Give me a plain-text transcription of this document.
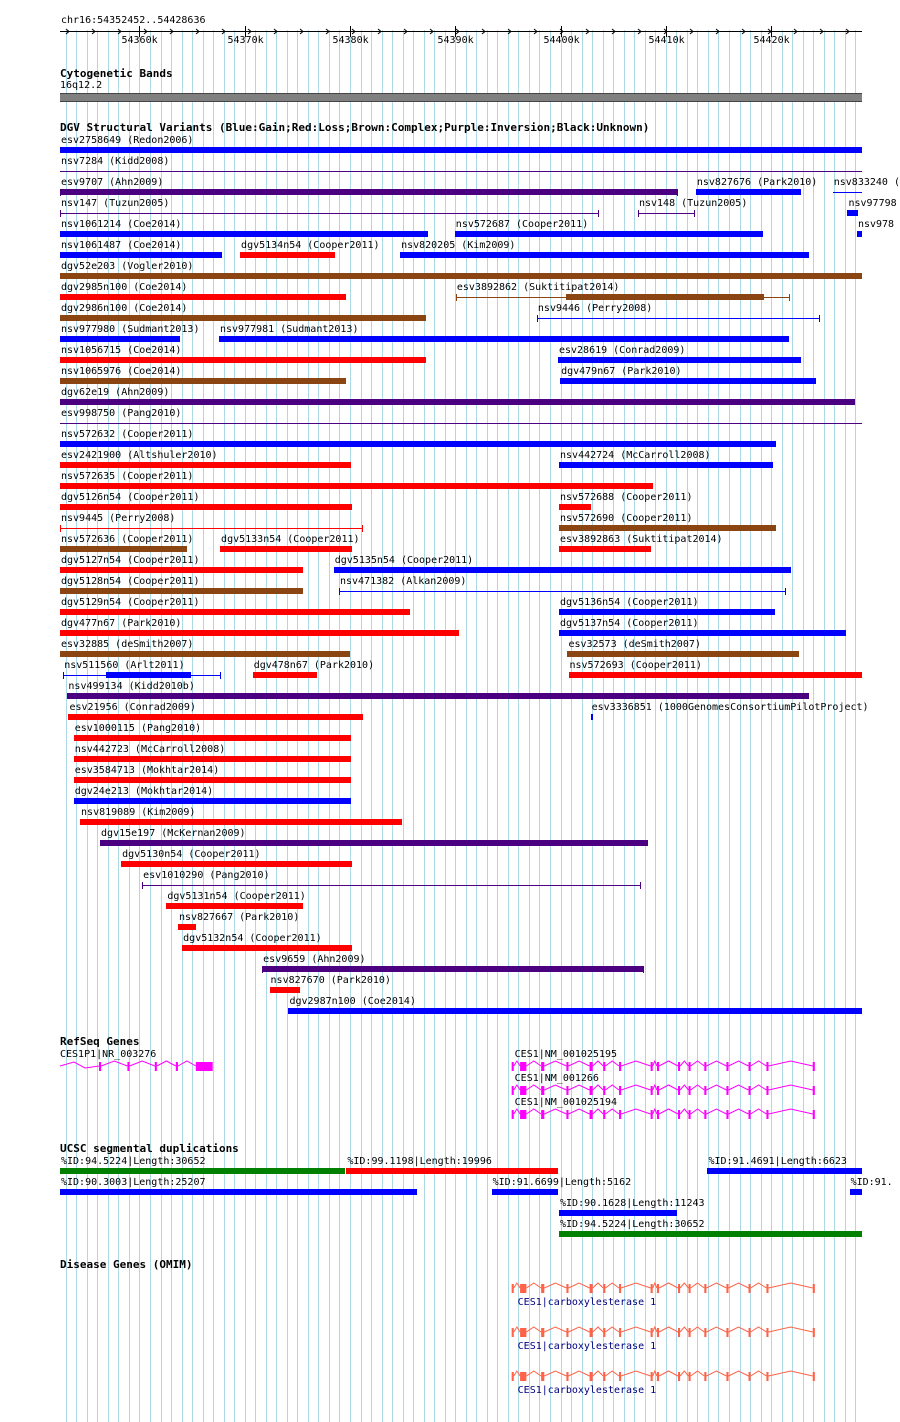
chr16:54352452..54428636
54360k	54370k	54380k	54390k	54400k	54410k	54420k
Cytogenetic Bands
16q12.2
DGV Structural Variants (Blue:Gain;Red:Loss;Brown:Complex;Purple:Inversion;Black:Unknown)
esv2758649 (Redon2006)
nsv7284 (Kidd2008)
esv9707 (Ahn2009)	nsv827676 (Park2010) nsv833240 (
nsv147 (Tuzun2005)	nsv148 (Tuzun2005)	nsv97798
nsv1061214 (Coe2014)	nsv572687 (Cooper2011)	nsv978
nsv1061487 (Coe2014)	dgv5134n54 (Cooper2011) nsv820205 (Kim2009)
dgv52e203 (Vogler2010)
dgv2985n100 (Coe2014)	esv3892862 (Suktitipat2014)
dgv2986n100 (Coe2014)	nsv9446 (Perry2008)
nsv977980 (Sudmant2013) nsv977981 (Sudmant2013)
nsv1056715 (Coe2014)	esv28619 (Conrad2009)
nsv1065976 (Coe2014)	dgv479n67 (Park2010)
dgv62e19 (Ahn2009)
esv998750 (Pang2010)
nsv572632 (Cooper2011)
esv2421900 (Altshuler2010)	nsv442724 (McCarroll2008)
nsv572635 (Cooper2011)
dgv5126n54 (Cooper2011)	nsv572688 (Cooper2011)
nsv9445 (Perry2008)	nsv572690 (Cooper2011)
nsv572636 (Cooper2011)	dgv5133n54 (Cooper2011)	esv3892863 (Suktitipat2014)
dgv5127n54 (Cooper2011)	dgv5135n54 (Cooper2011)
dgv5128n54 (Cooper2011)	nsv471382 (Alkan2009)
dgv5129n54 (Cooper2011)	dgv5136n54 (Cooper2011)
dgv477n67 (Park2010)	dgv5137n54 (Cooper2011)
esv32885 (deSmith2007)	esv32573 (deSmith2007)
nsv511560 (Arlt2011)	dgv478n67 (Park2010)	nsv572693 (Cooper2011)
nsv499134 (Kidd2010b)
esv21956 (Conrad2009)	esv3336851 (1000GenomesConsortiumPilotProject)
esv1000115 (Pang2010)
nsv442723 (McCarroll2008)
esv3584713 (Mokhtar2014)
dgv24e213 (Mokhtar2014)
nsv819089 (Kim2009)
dgv15e197 (McKernan2009)
dgv5130n54 (Cooper2011)
esv1010290 (Pang2010)
dgv5131n54 (Cooper2011)
nsv827667 (Park2010)
dgv5132n54 (Cooper2011)
esv9659 (Ahn2009)
nsv827670 (Park2010)
dgv2987n100 (Coe2014)
RefSeq Genes
CES1P1|NR_003276	CES1|NM_001025195
CES1|NM_001266
CES1|NM_001025194
UCSC segmental duplications
%ID:94.5224|Length:30652	%ID:99.1198|Length:19996	%ID:91.4691|Length:6623
%ID:90.3003|Length:25207	%ID:91.6699|Length:5162	%ID:91.
%ID:90.1628|Length:11243
%ID:94.5224|Length:30652
Disease Genes (OMIM)
CES1|carboxylesterase 1
CES1|carboxylesterase 1
CES1|carboxylesterase 1
